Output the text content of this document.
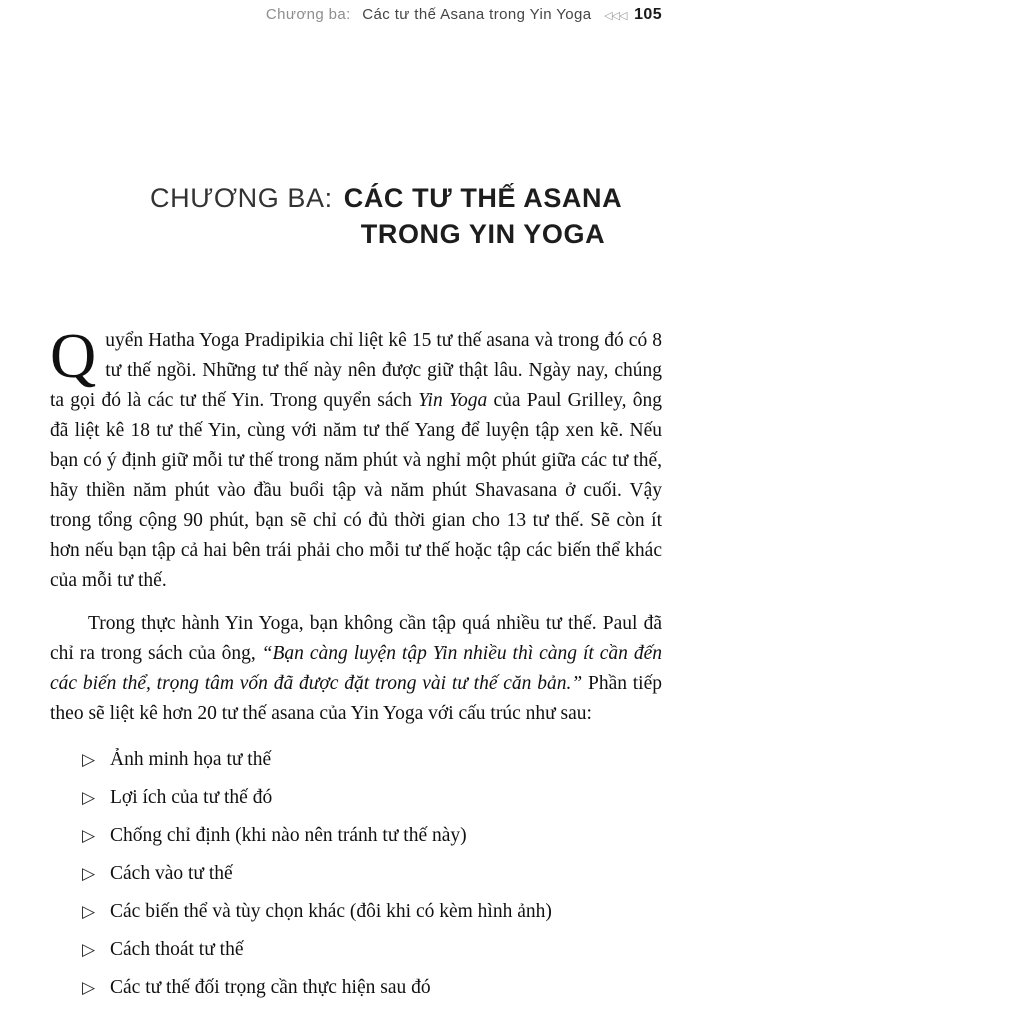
Chương ba: Các tư thế Asana trong Yin Yoga ◁◁◁ 105
CHƯƠNG BA: CÁC TƯ THẾ ASANA
TRONG YIN YOGA

Quyển Hatha Yoga Pradipikia chỉ liệt kê 15 tư thế asana và trong đó có 8 tư thế ngồi. Những tư thế này nên được giữ thật lâu. Ngày nay, chúng ta gọi đó là các tư thế Yin. Trong quyển sách Yin Yoga của Paul Grilley, ông đã liệt kê 18 tư thế Yin, cùng với năm tư thế Yang để luyện tập xen kẽ. Nếu bạn có ý định giữ mỗi tư thế trong năm phút và nghỉ một phút giữa các tư thế, hãy thiền năm phút vào đầu buổi tập và năm phút Shavasana ở cuối. Vậy trong tổng cộng 90 phút, bạn sẽ chỉ có đủ thời gian cho 13 tư thế. Sẽ còn ít hơn nếu bạn tập cả hai bên trái phải cho mỗi tư thế hoặc tập các biến thể khác của mỗi tư thế.

Trong thực hành Yin Yoga, bạn không cần tập quá nhiều tư thế. Paul đã chỉ ra trong sách của ông, “Bạn càng luyện tập Yin nhiều thì càng ít cần đến các biến thể, trọng tâm vốn đã được đặt trong vài tư thế căn bản.” Phần tiếp theo sẽ liệt kê hơn 20 tư thế asana của Yin Yoga với cấu trúc như sau:

▷ Ảnh minh họa tư thế
▷ Lợi ích của tư thế đó
▷ Chống chỉ định (khi nào nên tránh tư thế này)
▷ Cách vào tư thế
▷ Các biến thể và tùy chọn khác (đôi khi có kèm hình ảnh)
▷ Cách thoát tư thế
▷ Các tư thế đối trọng cần thực hiện sau đó
